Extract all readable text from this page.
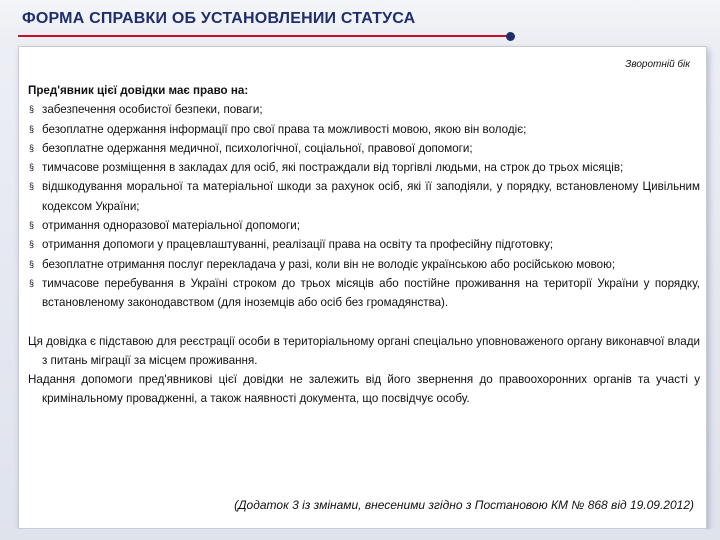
ФОРМА СПРАВКИ ОБ УСТАНОВЛЕНИИ СТАТУСА
Зворотній бік

Пред'явник цієї довідки має право на:

§ забезпечення особистої безпеки, поваги;
§ безоплатне одержання інформації про свої права та можливості мовою, якою він володіє;
§ безоплатне одержання медичної, психологічної, соціальної, правової допомоги;
§ тимчасове розміщення в закладах для осіб, які постраждали від торгівлі людьми, на строк до трьох місяців;
§ відшкодування моральної та матеріальної шкоди за рахунок осіб, які її заподіяли, у порядку, встановленому Цивільним кодексом України;
§ отримання одноразової матеріальної допомоги;
§ отримання допомоги у працевлаштуванні, реалізації права на освіту та професійну підготовку;
§ безоплатне отримання послуг перекладача у разі, коли він не володіє українською або російською мовою;
§ тимчасове перебування в Україні строком до трьох місяців або постійне проживання на території України у порядку, встановленому законодавством (для іноземців або осіб без громадянства).

Ця довідка є підставою для реєстрації особи в територіальному органі спеціально уповноваженого органу виконавчої влади з питань міграції за місцем проживання.

Надання допомоги пред'явникові цієї довідки не залежить від його звернення до правоохоронних органів та участі у кримінальному провадженні, а також наявності документа, що посвідчує особу.

(Додаток 3 із змінами, внесеними згідно з Постановою КМ № 868 від 19.09.2012)
